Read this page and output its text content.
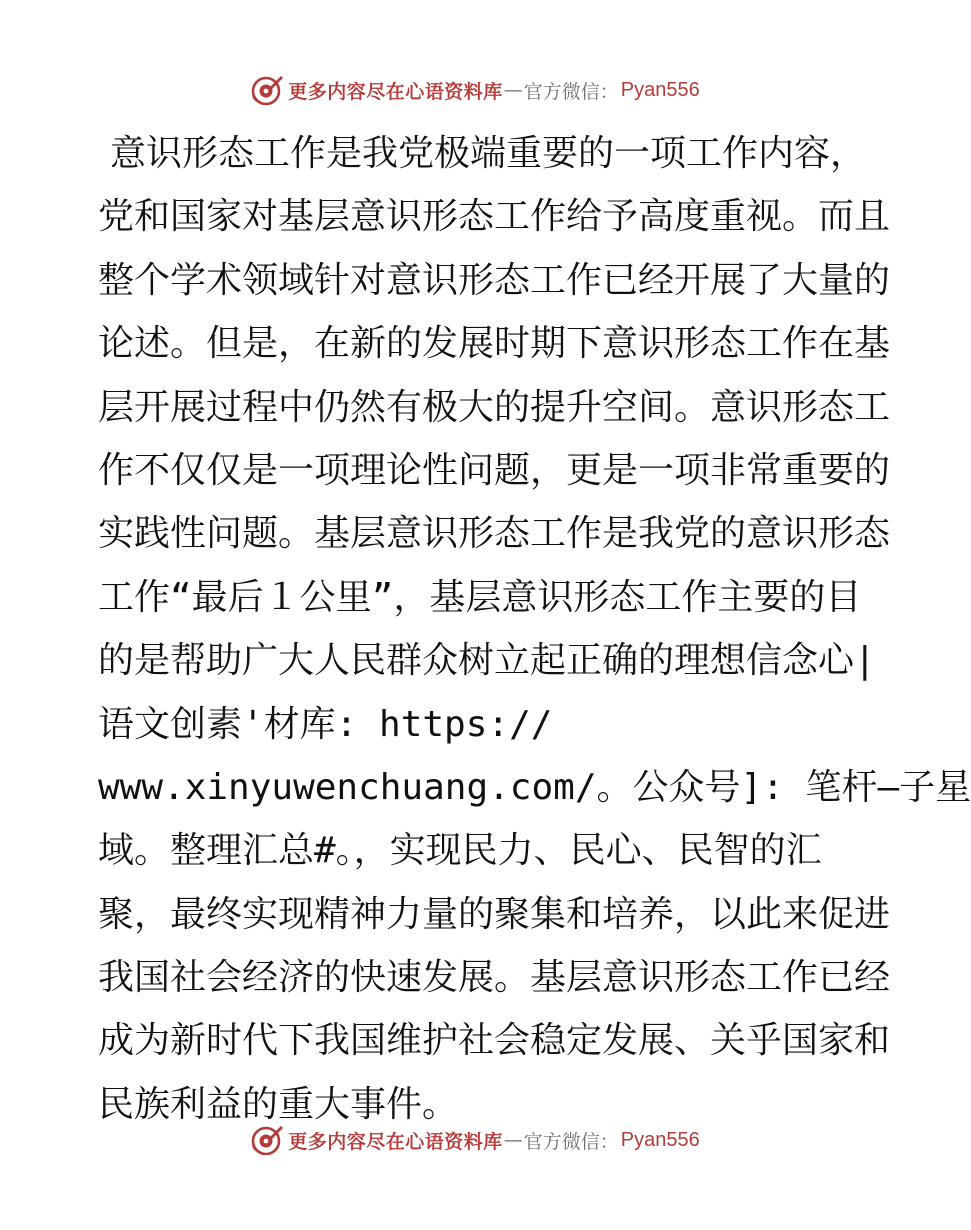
更多内容尽在心语资料库 — 官方微信： Pyan556
意识形态工作是我党极端重要的一项工作内容，
党和国家对基层意识形态工作给予高度重视。而且
整个学术领域针对意识形态工作已经开展了大量的
论述。但是，在新的发展时期下意识形态工作在基
层开展过程中仍然有极大的提升空间。意识形态工
作不仅仅是一项理论性问题，更是一项非常重要的
实践性问题。基层意识形态工作是我党的意识形态
工作“最后１公里”，基层意识形态工作主要的目
的是帮助广大人民群众树立起正确的理想信念心|
语文创素'材库: https://
www.xinyuwenchuang.com/。公众号]: 笔杆—子星
域。整理汇总#。，实现民力、民心、民智的汇
聚，最终实现精神力量的聚集和培养，以此来促进
我国社会经济的快速发展。基层意识形态工作已经
成为新时代下我国维护社会稳定发展、关乎国家和
民族利益的重大事件。
更多内容尽在心语资料库 — 官方微信： Pyan556
